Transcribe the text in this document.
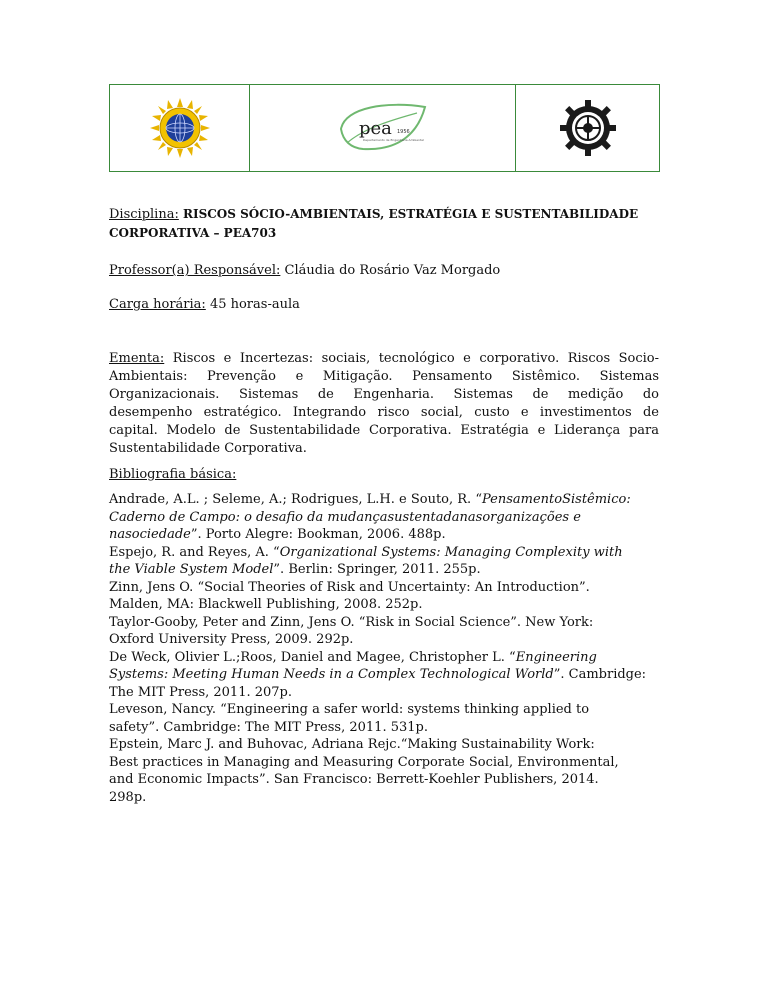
pea 1956
Departamento de Engenharia Ambiental
Disciplina: RISCOS SÓCIO-AMBIENTAIS, ESTRATÉGIA E SUSTENTABILIDADE
CORPORATIVA – PEA703
Professor(a) Responsável: Cláudia do Rosário Vaz Morgado
Carga horária: 45 horas-aula
Ementa: Riscos e Incertezas: sociais, tecnológico e corporativo. Riscos Socio-
Ambientais: Prevenção e Mitigação. Pensamento Sistêmico. Sistemas
Organizacionais. Sistemas de Engenharia. Sistemas de medição do
desempenho estratégico. Integrando risco social, custo e investimentos de
capital. Modelo de Sustentabilidade Corporativa. Estratégia e Liderança para
Sustentabilidade Corporativa.
Bibliografia básica:
Andrade, A.L. ; Seleme, A.; Rodrigues, L.H. e Souto, R. “PensamentoSistêmico:
Caderno de Campo: o desafio da mudançasustentadanasorganizações e
nasociedade”. Porto Alegre: Bookman, 2006. 488p.
Espejo, R. and Reyes, A. “Organizational Systems: Managing Complexity with
the Viable System Model”. Berlin: Springer, 2011. 255p.
Zinn, Jens O. “Social Theories of Risk and Uncertainty: An Introduction”.
Malden, MA: Blackwell Publishing, 2008. 252p.
Taylor-Gooby, Peter and Zinn, Jens O. “Risk in Social Science”. New York:
Oxford University Press, 2009. 292p.
De Weck, Olivier L.;Roos, Daniel and Magee, Christopher L. “Engineering
Systems: Meeting Human Needs in a Complex Technological World”. Cambridge:
The MIT Press, 2011. 207p.
Leveson, Nancy. “Engineering a safer world: systems thinking applied to
safety”. Cambridge: The MIT Press, 2011. 531p.
Epstein, Marc J. and Buhovac, Adriana Rejc.“Making Sustainability Work:
Best practices in Managing and Measuring Corporate Social, Environmental,
and Economic Impacts”. San Francisco: Berrett-Koehler Publishers, 2014.
298p.
